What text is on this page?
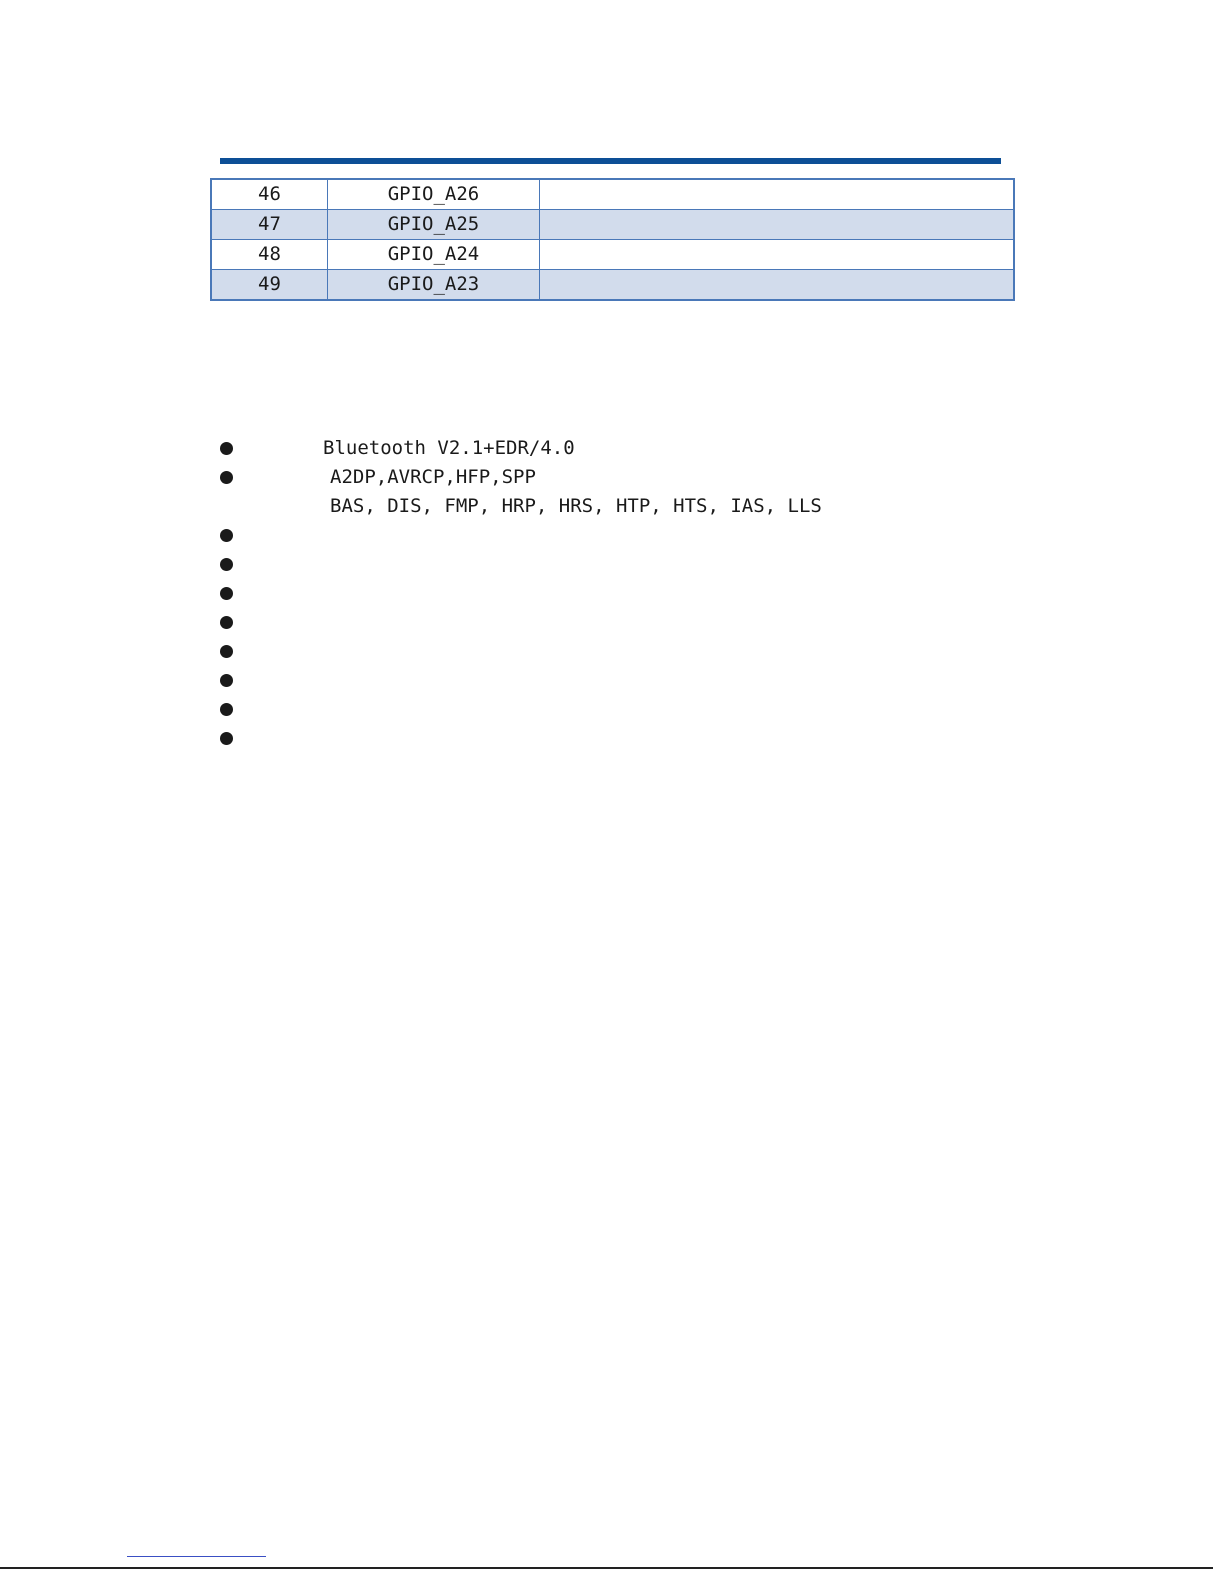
46	GPIO_A26	
47	GPIO_A25	
48	GPIO_A24	
49	GPIO_A23	
Bluetooth V2.1+EDR/4.0
A2DP,AVRCP,HFP,SPP
BAS, DIS, FMP, HRP, HRS, HTP, HTS, IAS, LLS
